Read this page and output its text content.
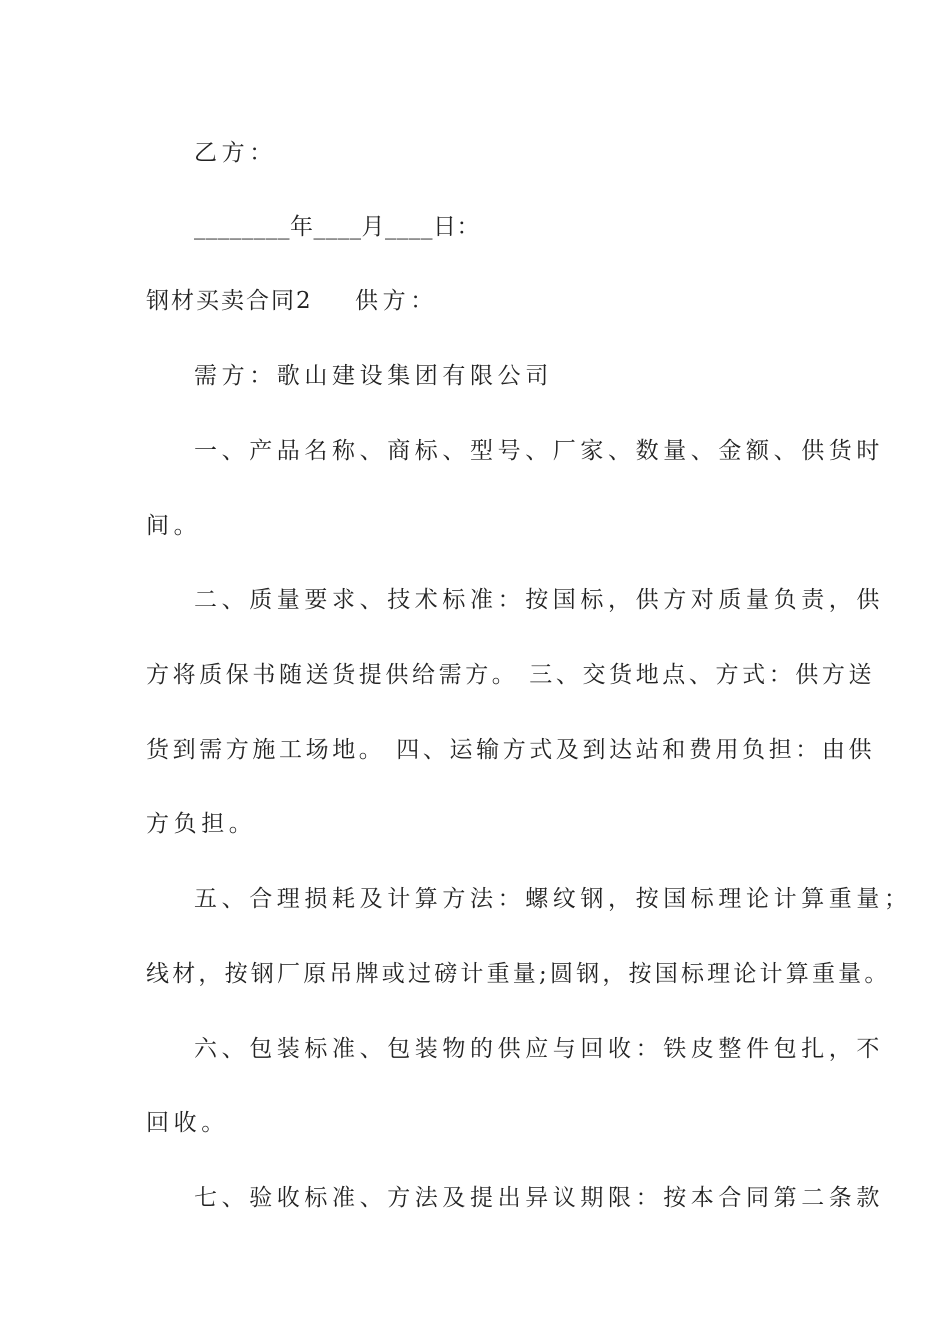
乙方：
________年____月____日：
钢材买卖合同2 供方：
需方：歌山建设集团有限公司
一、产品名称、商标、型号、厂家、数量、金额、供货时
间。
二、质量要求、技术标准：按国标，供方对质量负责，供
方将质保书随送货提供给需方。 三、交货地点、方式：供方送
货到需方施工场地。 四、运输方式及到达站和费用负担：由供
方负担。
五、合理损耗及计算方法：螺纹钢，按国标理论计算重量；
线材，按钢厂原吊牌或过磅计重量;圆钢，按国标理论计算重量。
六、包装标准、包装物的供应与回收：铁皮整件包扎，不
回收。
七、验收标准、方法及提出异议期限：按本合同第二条款
